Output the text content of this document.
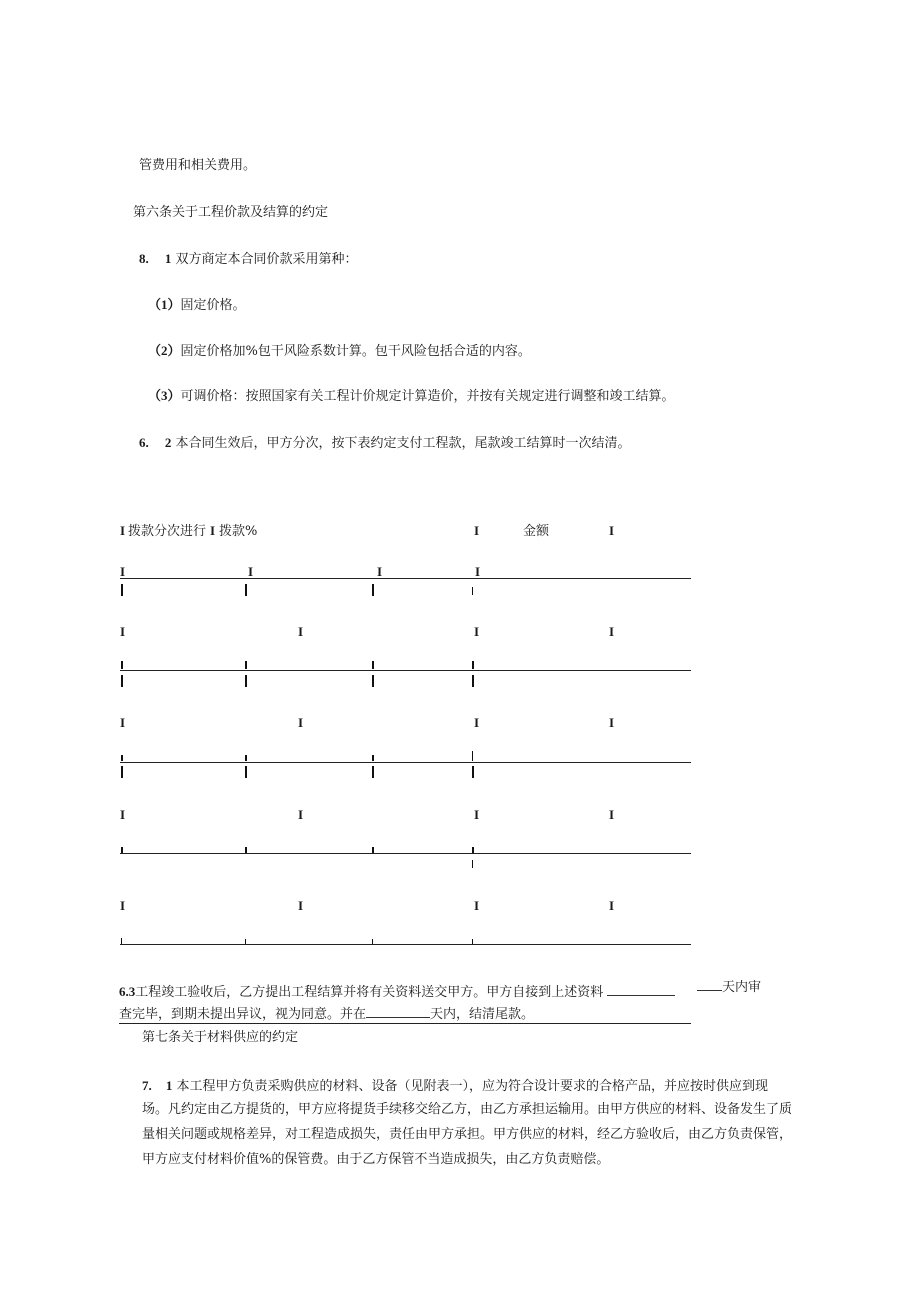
管费用和相关费用。
第六条关于工程价款及结算的约定
8. 1 双方商定本合同价款采用第种：
（1）固定价格。
（2）固定价格加%包干风险系数计算。包干风险包括合适的内容。
（3）可调价格：按照国家有关工程计价规定计算造价，并按有关规定进行调整和竣工结算。
6. 2 本合同生效后，甲方分次，按下表约定支付工程款，尾款竣工结算时一次结清。
I 拨款分次进行 I 拨款%	I	金额	I
I	I	I	I
I	I	I	I
I	I	I	I
I	I	I	I
I	I	I	I
6.3工程竣工验收后，乙方提出工程结算并将有关资料送交甲方。甲方自接到上述资料	天内审
查完毕，到期未提出异议，视为同意。并在	天内，结清尾款。
第七条关于材料供应的约定
7. 1 本工程甲方负责采购供应的材料、设备（见附表一），应为符合设计要求的合格产品，并应按时供应到现
场。凡约定由乙方提货的，甲方应将提货手续移交给乙方，由乙方承担运输用。由甲方供应的材料、设备发生了质
量相关问题或规格差异，对工程造成损失，责任由甲方承担。甲方供应的材料，经乙方验收后，由乙方负责保管，
甲方应支付材料价值%的保管费。由于乙方保管不当造成损失，由乙方负责赔偿。
